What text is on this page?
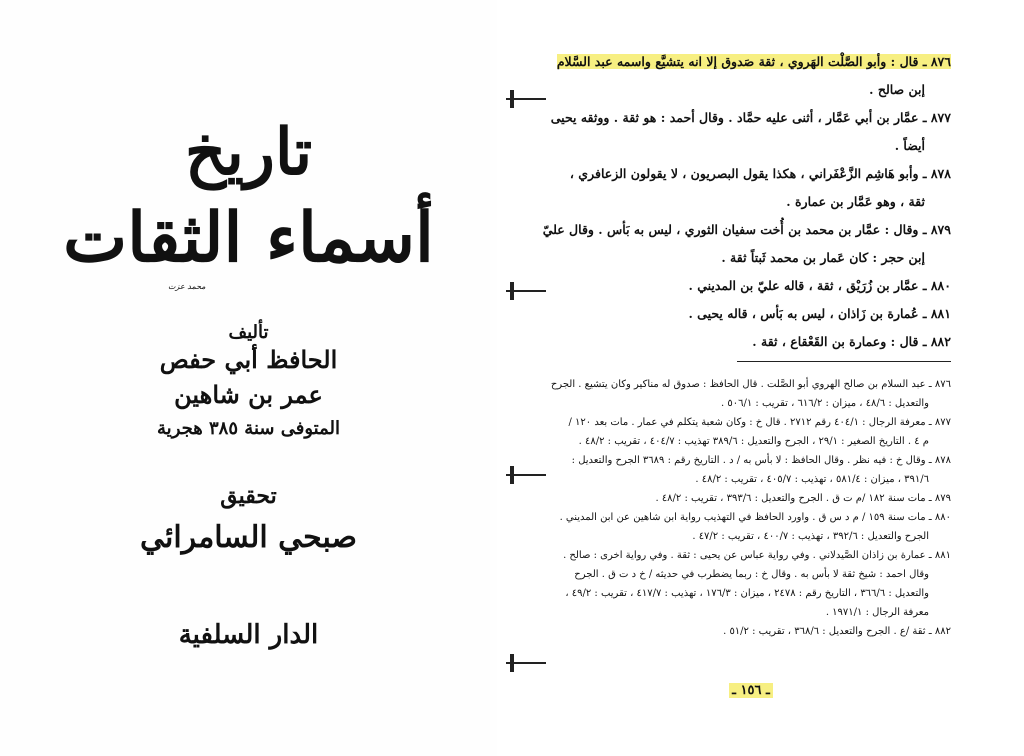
تاريخ
أسماء الثقات
محمد عزت
تأليف
الحافظ أبي حفص
عمر بن شاهين
المتوفى سنة ٣٨٥ هجرية
تحقيق
صبحي السامرائي
الدار السلفية
٨٧٦ ـ قال : وأبو الصَّلْت الهَروي ، ثقة صَدوق إلا انه يتشيَّع واسمه عبد السَّلام
إبن صالح .
٨٧٧ ـ عمَّار بن أبي عَمَّار ، أثنى عليه حمَّاد . وقال أحمد : هو ثقة . ووثقه يحيى
أيضاً .
٨٧٨ ـ وأبو هَاشِم الزَّعْفَراني ، هكذا يقول البصريون ، لا يقولون الزعافري ،
ثقة ، وهو عَمَّار بن عمارة .
٨٧٩ ـ وقال : عمَّار بن محمد بن أُخت سفيان الثوري ، ليس به بَأس . وقال عليّ
إبن حجر : كان عَمار بن محمد ثَبتاً ثقة .
٨٨٠ ـ عمَّار بن زُرَيْق ، ثقة ، قاله عليّ بن المديني .
٨٨١ ـ عُمارة بن زَاذان ، ليس به بَأس ، قاله يحيى .
٨٨٢ ـ قال : وعمارة بن القَعْقاع ، ثقة .
٨٧٦ ـ عبد السلام بن صالح الهروي أبو الصَّلت . قال الحافظ : صدوق له مناكير وكان يتشيع . الجرح
والتعديل : ٤٨/٦ ، ميزان : ٦١٦/٢ ، تقريب : ٥٠٦/١ .
٨٧٧ ـ معرفة الرجال : ٤٠٤/١ رقم ٢٧١٢ . قال خ : وكان شعبة يتكلم في عمار . مات بعد ١٢٠ /
م ٤ . التاريخ الصغير : ٢٩/١ ، الجرح والتعديل : ٣٨٩/٦ تهذيب : ٤٠٤/٧ ، تقريب : ٤٨/٢ .
٨٧٨ ـ وقال خ : فيه نظر . وقال الحافظ : لا بأس به / د . التاريخ رقم : ٣٦٨٩ الجرح والتعديل :
٣٩١/٦ ، ميزان : ٥٨١/٤ ، تهذيب : ٤٠٥/٧ ، تقريب : ٤٨/٢ .
٨٧٩ ـ مات سنة ١٨٢ /م ت ق . الجرح والتعديل : ٣٩٣/٦ ، تقريب : ٤٨/٢ .
٨٨٠ ـ مات سنة ١٥٩ / م د س ق . واورد الحافظ في التهذيب رواية ابن شاهين عن ابن المديني .
الجرح والتعديل : ٣٩٢/٦ ، تهذيب : ٤٠٠/٧ ، تقريب : ٤٧/٢ .
٨٨١ ـ عمارة بن زاذان الصَّيدلاني . وفي رواية عباس عن يحيى : ثقة . وفي رواية اخرى : صالح .
وقال احمد : شيخ ثقة لا بأس به . وقال خ : ربما يضطرب في حديثه / خ د ت ق . الجرح والتعديل : ٣٦٦/٦ ، التاريخ رقم : ٢٤٧٨ ، ميزان : ١٧٦/٣ ، تهذيب : ٤١٧/٧ ، تقريب : ٤٩/٢ ، معرفة الرجال : ١٩٧١/١ .
٨٨٢ ـ ثقة /ع . الجرح والتعديل : ٣٦٨/٦ ، تقريب : ٥١/٢ .
ـ ١٥٦ ـ
